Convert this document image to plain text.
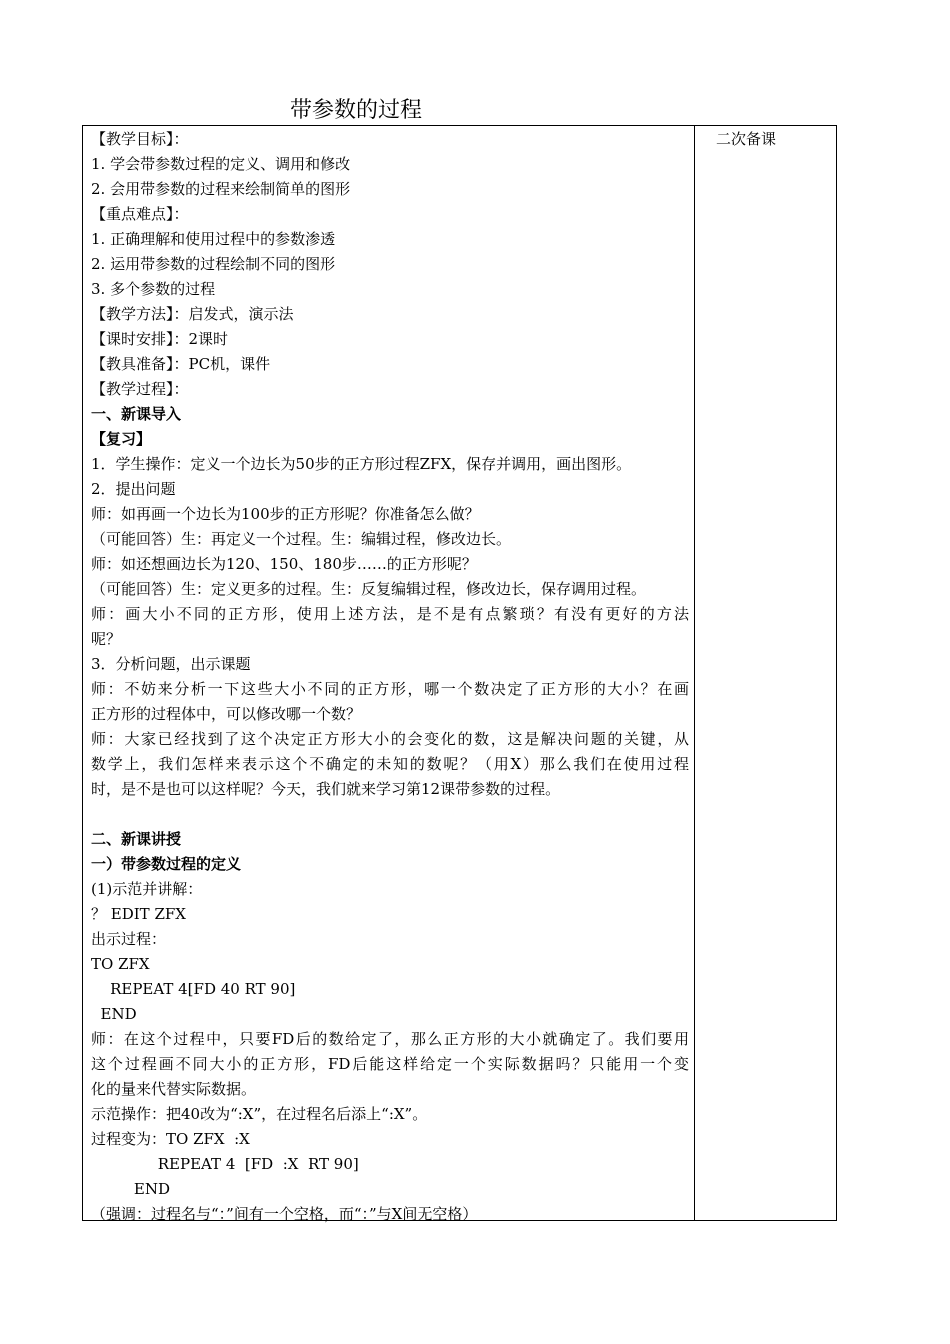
带参数的过程
【教学目标】：
1. 学会带参数过程的定义、调用和修改
2. 会用带参数的过程来绘制简单的图形
【重点难点】：
1. 正确理解和使用过程中的参数渗透
2. 运用带参数的过程绘制不同的图形
3. 多个参数的过程
【教学方法】：启发式，演示法
【课时安排】：2课时
【教具准备】：PC机，课件
【教学过程】：
一、新课导入
【复习】
1．学生操作：定义一个边长为50步的正方形过程ZFX，保存并调用，画出图形。
2．提出问题
师：如再画一个边长为100步的正方形呢？你准备怎么做？
（可能回答）生：再定义一个过程。生：编辑过程，修改边长。
师：如还想画边长为120、150、180步……的正方形呢？
（可能回答）生：定义更多的过程。生：反复编辑过程，修改边长，保存调用过程。
师：画大小不同的正方形，使用上述方法，是不是有点繁琐？有没有更好的方法
呢？
3．分析问题，出示课题
师：不妨来分析一下这些大小不同的正方形，哪一个数决定了正方形的大小？在画
正方形的过程体中，可以修改哪一个数？
师：大家已经找到了这个决定正方形大小的会变化的数，这是解决问题的关键，从
数学上，我们怎样来表示这个不确定的未知的数呢？（用X）那么我们在使用过程
时，是不是也可以这样呢？今天，我们就来学习第12课带参数的过程。
二、新课讲授
一）带参数过程的定义
(1)示范并讲解：
？ EDIT ZFX
出示过程：
TO ZFX
REPEAT 4[FD 40 RT 90]
END
师：在这个过程中，只要FD后的数给定了，那么正方形的大小就确定了。我们要用
这个过程画不同大小的正方形，FD后能这样给定一个实际数据吗？只能用一个变
化的量来代替实际数据。
示范操作：把40改为“:X”，在过程名后添上“:X”。
过程变为：TO ZFX  :X
REPEAT 4  [FD  :X  RT 90]
END
（强调：过程名与“：”间有一个空格，而“：”与X间无空格）
二次备课
